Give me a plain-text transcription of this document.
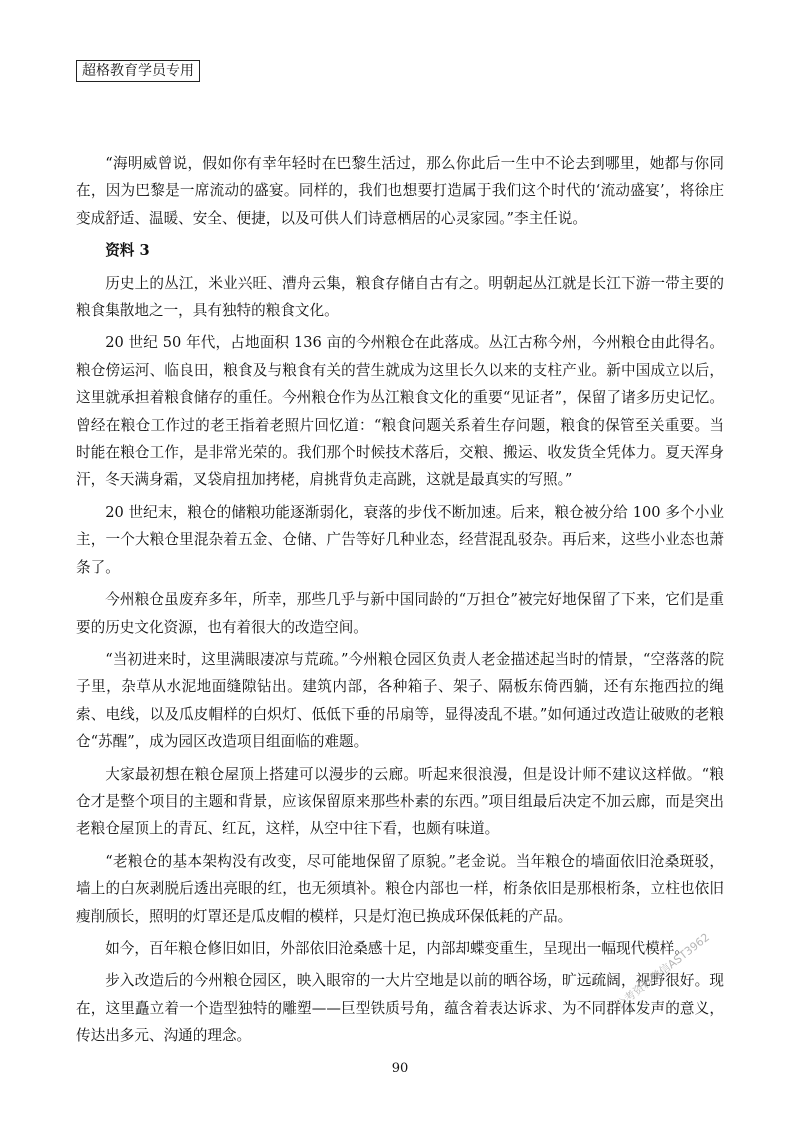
超格教育学员专用

“海明威曾说，假如你有幸年轻时在巴黎生活过，那么你此后一生中不论去到哪里，她都与你同在，因为巴黎是一席流动的盛宴。同样的，我们也想要打造属于我们这个时代的‘流动盛宴’，将徐庄变成舒适、温暖、安全、便捷，以及可供人们诗意栖居的心灵家园。”李主任说。

资料 3

历史上的丛江，米业兴旺、漕舟云集，粮食存储自古有之。明朝起丛江就是长江下游一带主要的粮食集散地之一，具有独特的粮食文化。

20 世纪 50 年代，占地面积 136 亩的今州粮仓在此落成。丛江古称今州，今州粮仓由此得名。粮仓傍运河、临良田，粮食及与粮食有关的营生就成为这里长久以来的支柱产业。新中国成立以后，这里就承担着粮食储存的重任。今州粮仓作为丛江粮食文化的重要“见证者”，保留了诸多历史记忆。曾经在粮仓工作过的老王指着老照片回忆道：“粮食问题关系着生存问题，粮食的保管至关重要。当时能在粮仓工作，是非常光荣的。我们那个时候技术落后，交粮、搬运、收发货全凭体力。夏天浑身汗，冬天满身霜，叉袋肩扭加拷栳，肩挑背负走高跳，这就是最真实的写照。”

20 世纪末，粮仓的储粮功能逐渐弱化，衰落的步伐不断加速。后来，粮仓被分给 100 多个小业主，一个大粮仓里混杂着五金、仓储、广告等好几种业态，经营混乱驳杂。再后来，这些小业态也萧条了。

今州粮仓虽废弃多年，所幸，那些几乎与新中国同龄的“万担仓”被完好地保留了下来，它们是重要的历史文化资源，也有着很大的改造空间。

“当初进来时，这里满眼凄凉与荒疏。”今州粮仓园区负责人老金描述起当时的情景，“空落落的院子里，杂草从水泥地面缝隙钻出。建筑内部，各种箱子、架子、隔板东倚西躺，还有东拖西拉的绳索、电线，以及瓜皮帽样的白炽灯、低低下垂的吊扇等，显得凌乱不堪。”如何通过改造让破败的老粮仓“苏醒”，成为园区改造项目组面临的难题。

大家最初想在粮仓屋顶上搭建可以漫步的云廊。听起来很浪漫，但是设计师不建议这样做。“粮仓才是整个项目的主题和背景，应该保留原来那些朴素的东西。”项目组最后决定不加云廊，而是突出老粮仓屋顶上的青瓦、红瓦，这样，从空中往下看，也颇有味道。

“老粮仓的基本架构没有改变，尽可能地保留了原貌。”老金说。当年粮仓的墙面依旧沧桑斑驳，墙上的白灰剥脱后透出亮眼的红，也无须填补。粮仓内部也一样，桁条依旧是那根桁条，立柱也依旧瘦削颀长，照明的灯罩还是瓜皮帽的模样，只是灯泡已换成环保低耗的产品。

如今，百年粮仓修旧如旧，外部依旧沧桑感十足，内部却蝶变重生，呈现出一幅现代模样。

步入改造后的今州粮仓园区，映入眼帘的一大片空地是以前的晒谷场，旷远疏阔，视野很好。现在，这里矗立着一个造型独特的雕塑——巨型铁质号角，蕴含着表达诉求、为不同群体发声的意义，传达出多元、沟通的理念。

公考资料微信AST3962
90
